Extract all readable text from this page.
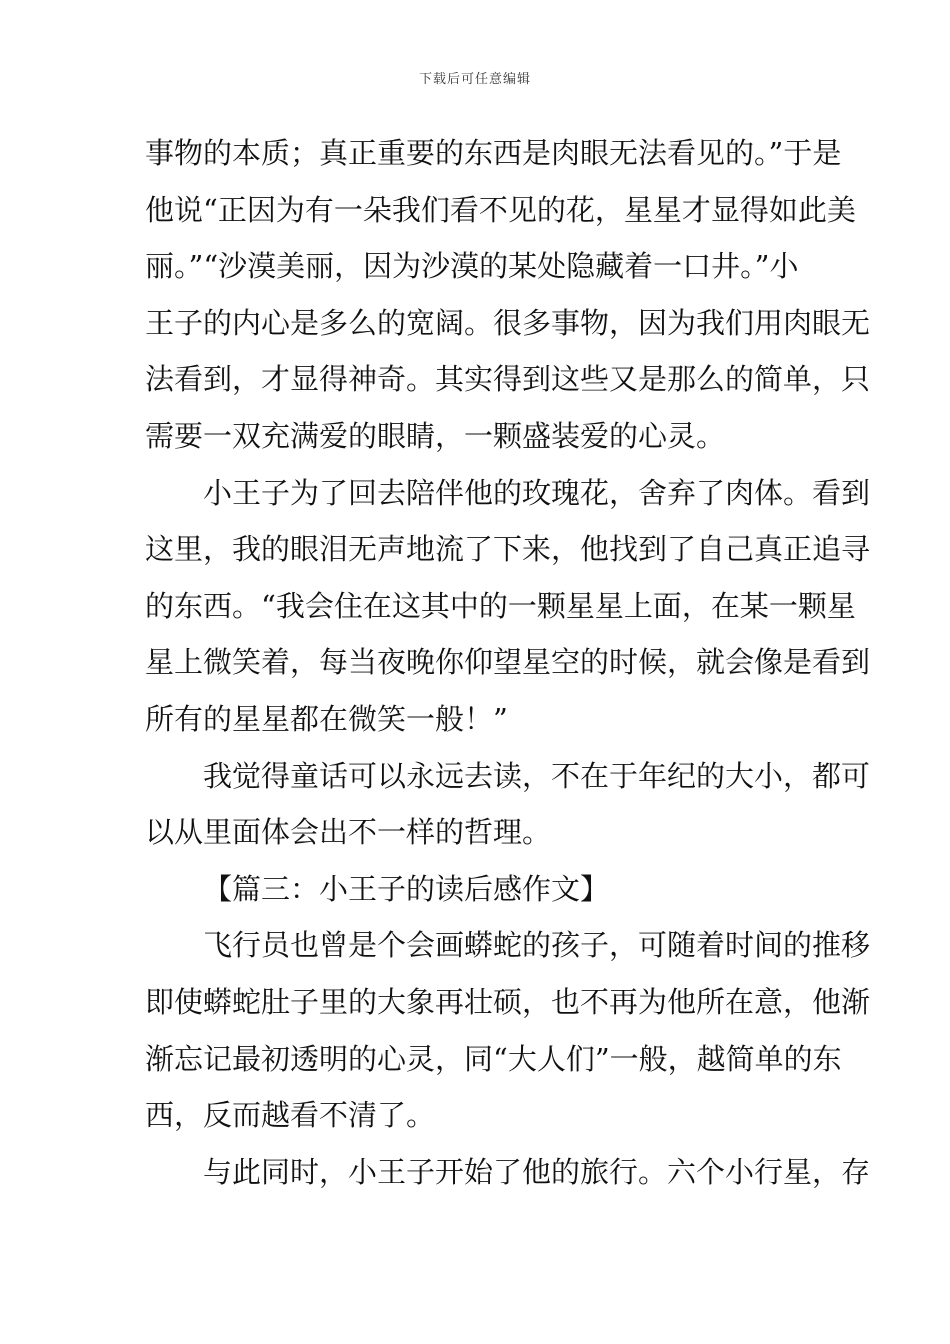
下载后可任意编辑
事物的本质；真正重要的东西是肉眼无法看见的。”于是
他说“正因为有一朵我们看不见的花，星星才显得如此美
丽。”“沙漠美丽，因为沙漠的某处隐藏着一口井。”小
王子的内心是多么的宽阔。很多事物，因为我们用肉眼无
法看到，才显得神奇。其实得到这些又是那么的简单，只
需要一双充满爱的眼睛，一颗盛装爱的心灵。
小王子为了回去陪伴他的玫瑰花，舍弃了肉体。看到
这里，我的眼泪无声地流了下来，他找到了自己真正追寻
的东西。“我会住在这其中的一颗星星上面，在某一颗星
星上微笑着，每当夜晚你仰望星空的时候，就会像是看到
所有的星星都在微笑一般！”
我觉得童话可以永远去读，不在于年纪的大小，都可
以从里面体会出不一样的哲理。
【篇三：小王子的读后感作文】
飞行员也曾是个会画蟒蛇的孩子，可随着时间的推移
即使蟒蛇肚子里的大象再壮硕，也不再为他所在意，他渐
渐忘记最初透明的心灵，同“大人们”一般，越简单的东
西，反而越看不清了。
与此同时，小王子开始了他的旅行。六个小行星，存
